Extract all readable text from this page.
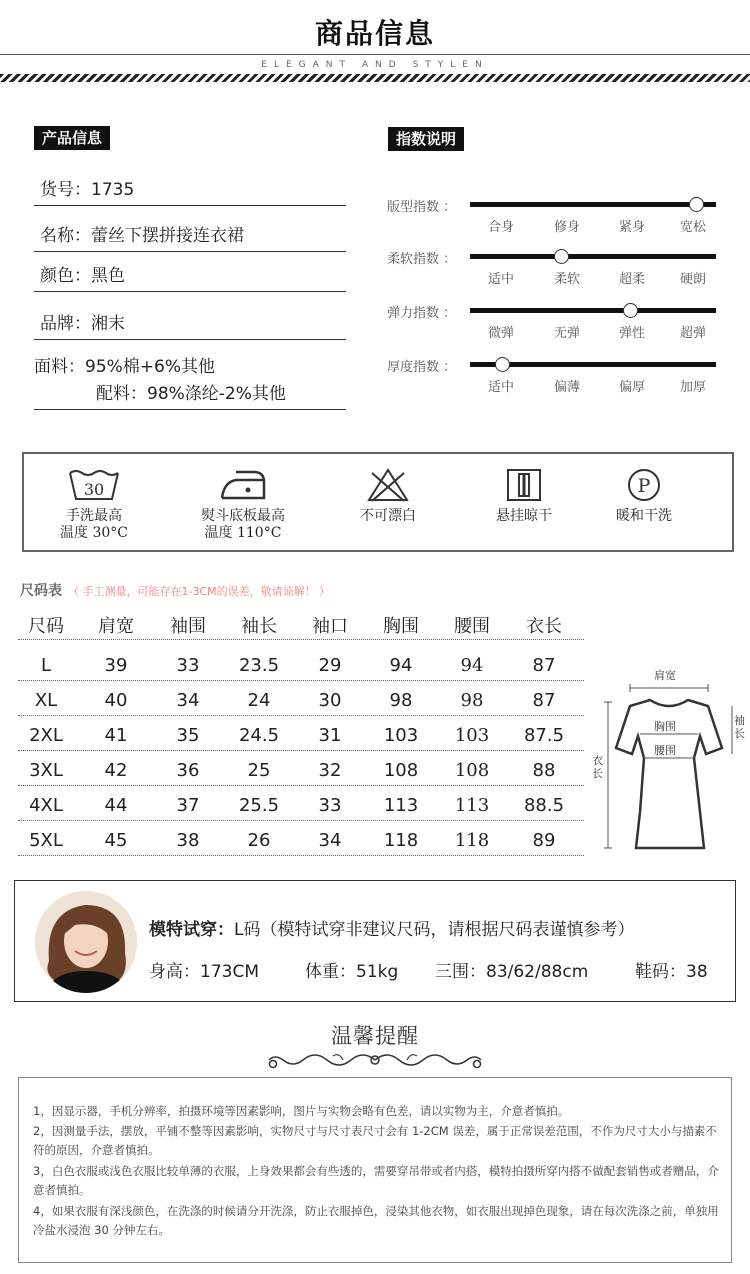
商品信息
ELEGANT AND STYLEN
产品信息
货号：1735
名称：蕾丝下摆拼接连衣裙
颜色：黑色
品牌：湘末
面料：95%棉+6%其他
配料：98%涤纶-2%其他
指数说明
版型指数 ：
合身	修身	紧身	宽松
柔软指数 ：
适中	柔软	超柔	硬朗
弹力指数 ：
微弹	无弹	弹性	超弹
厚度指数 ：
适中	偏薄	偏厚	加厚
30
手洗最高
温度 30°C
熨斗底板最高
温度 110°C
不可漂白	悬挂晾干
P
暖和干洗
尺码表 （ 手工测量，可能存在1-3CM的误差，敬请谅解！ ）
尺码	肩宽	袖围	袖长	袖口	胸围	腰围	衣长
L	39	33	23.5	29	94	94	87
XL	40	34	24	30	98	98	87
2XL	41	35	24.5	31	103	103	87.5
3XL	42	36	25	32	108	108	88
4XL	44	37	25.5	33	113	113	88.5
5XL	45	38	26	34	118	118	89
肩宽
胸围
腰围
袖
长
衣
长
模特试穿：L码（模特试穿非建议尺码，请根据尺码表谨慎参考）
身高：173CM	体重：51kg 三围：83/62/88cm	鞋码：38
温馨提醒
1，因显示器，手机分辨率，拍摄环境等因素影响，图片与实物会略有色差，请以实物为主，介意者慎拍。
2，因测量手法，摆放，平铺不整等因素影响，实物尺寸与尺寸表尺寸会有 1-2CM 误差，属于正常误差范围，不作为尺寸大小与描素不符的原因，介意者慎拍。
3，白色衣服或浅色衣服比较单薄的衣服，上身效果都会有些透的，需要穿吊带或者内搭，模特拍摄所穿内搭不做配套销售或者赠品，介意者慎拍。
4，如果衣服有深浅颜色，在洗涤的时候请分开洗涤，防止衣服掉色，浸染其他衣物，如衣服出现掉色现象，请在每次洗涤之前，单独用冷盐水浸泡 30 分钟左右。
